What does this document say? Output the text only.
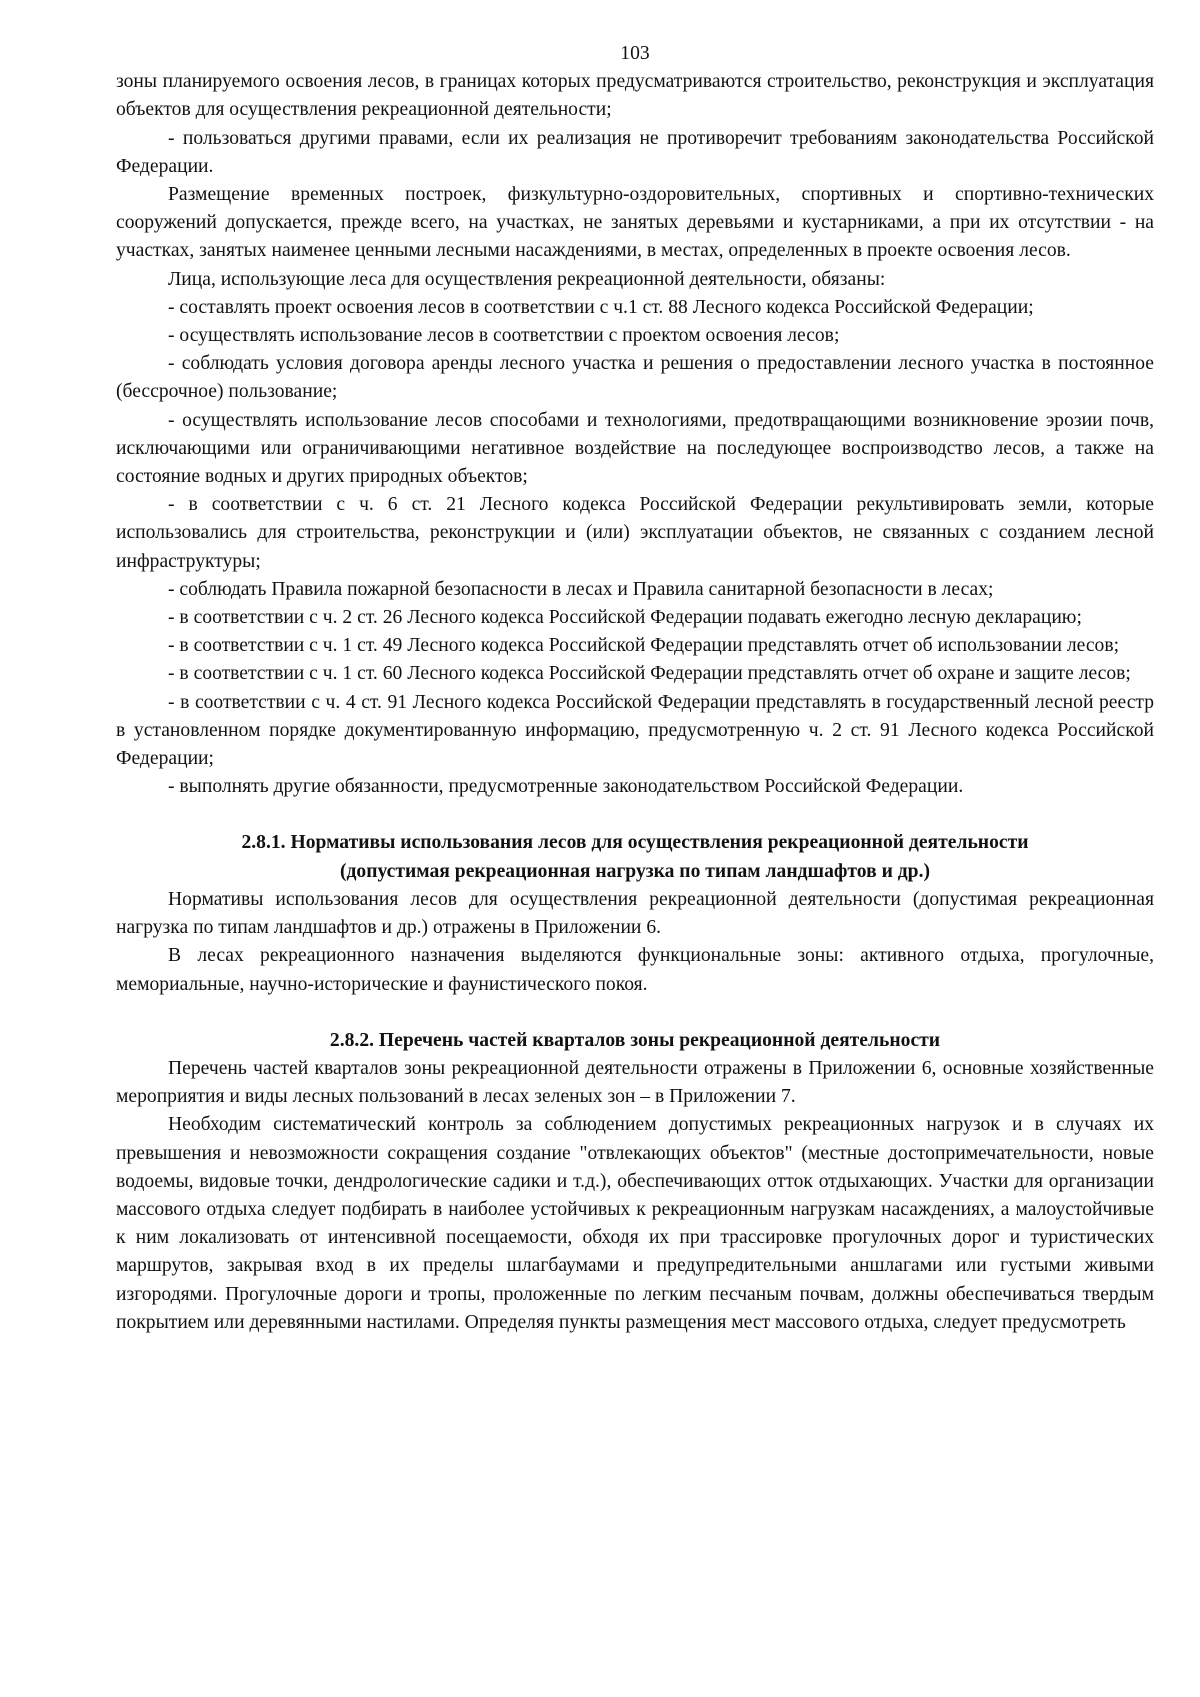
103

зоны планируемого освоения лесов, в границах которых предусматриваются строительство, реконструкция и эксплуатация объектов для осуществления рекреационной деятельности;

- пользоваться другими правами, если их реализация не противоречит требованиям законодательства Российской Федерации.

Размещение временных построек, физкультурно-оздоровительных, спортивных и спортивно-технических сооружений допускается, прежде всего, на участках, не занятых деревьями и кустарниками, а при их отсутствии - на участках, занятых наименее ценными лесными насаждениями, в местах, определенных в проекте освоения лесов.

Лица, использующие леса для осуществления рекреационной деятельности, обязаны:

- составлять проект освоения лесов в соответствии с ч.1 ст. 88 Лесного кодекса Российской Федерации;

- осуществлять использование лесов в соответствии с проектом освоения лесов;

- соблюдать условия договора аренды лесного участка и решения о предоставлении лесного участка в постоянное (бессрочное) пользование;

- осуществлять использование лесов способами и технологиями, предотвращающими возникновение эрозии почв, исключающими или ограничивающими негативное воздействие на последующее воспроизводство лесов, а также на состояние водных и других природных объектов;

- в соответствии с ч. 6 ст. 21 Лесного кодекса Российской Федерации рекультивировать земли, которые использовались для строительства, реконструкции и (или) эксплуатации объектов, не связанных с созданием лесной инфраструктуры;

- соблюдать Правила пожарной безопасности в лесах и Правила санитарной безопасности в лесах;

- в соответствии с ч. 2 ст. 26 Лесного кодекса Российской Федерации подавать ежегодно лесную декларацию;

- в соответствии с ч. 1 ст. 49 Лесного кодекса Российской Федерации представлять отчет об использовании лесов;

- в соответствии с ч. 1 ст. 60 Лесного кодекса Российской Федерации представлять отчет об охране и защите лесов;

- в соответствии с ч. 4 ст. 91 Лесного кодекса Российской Федерации представлять в государственный лесной реестр в установленном порядке документированную информацию, предусмотренную ч. 2 ст. 91 Лесного кодекса Российской Федерации;

- выполнять другие обязанности, предусмотренные законодательством Российской Федерации.

2.8.1. Нормативы использования лесов для осуществления рекреационной деятельности

(допустимая рекреационная нагрузка по типам ландшафтов и др.)

Нормативы использования лесов для осуществления рекреационной деятельности (допустимая рекреационная нагрузка по типам ландшафтов и др.) отражены в Приложении 6.

В лесах рекреационного назначения выделяются функциональные зоны: активного отдыха, прогулочные, мемориальные, научно-исторические и фаунистического покоя.

2.8.2. Перечень частей кварталов зоны рекреационной деятельности

Перечень частей кварталов зоны рекреационной деятельности отражены в Приложении 6, основные хозяйственные мероприятия и виды лесных пользований в лесах зеленых зон – в Приложении 7.

Необходим систематический контроль за соблюдением допустимых рекреационных нагрузок и в случаях их превышения и невозможности сокращения создание "отвлекающих объектов" (местные достопримечательности, новые водоемы, видовые точки, дендрологические садики и т.д.), обеспечивающих отток отдыхающих. Участки для организации массового отдыха следует подбирать в наиболее устойчивых к рекреационным нагрузкам насаждениях, а малоустойчивые к ним локализовать от интенсивной посещаемости, обходя их при трассировке прогулочных дорог и туристических маршрутов, закрывая вход в их пределы шлагбаумами и предупредительными аншлагами или густыми живыми изгородями. Прогулочные дороги и тропы, проложенные по легким песчаным почвам, должны обеспечиваться твердым покрытием или деревянными настилами. Определяя пункты размещения мест массового отдыха, следует предусмотреть
